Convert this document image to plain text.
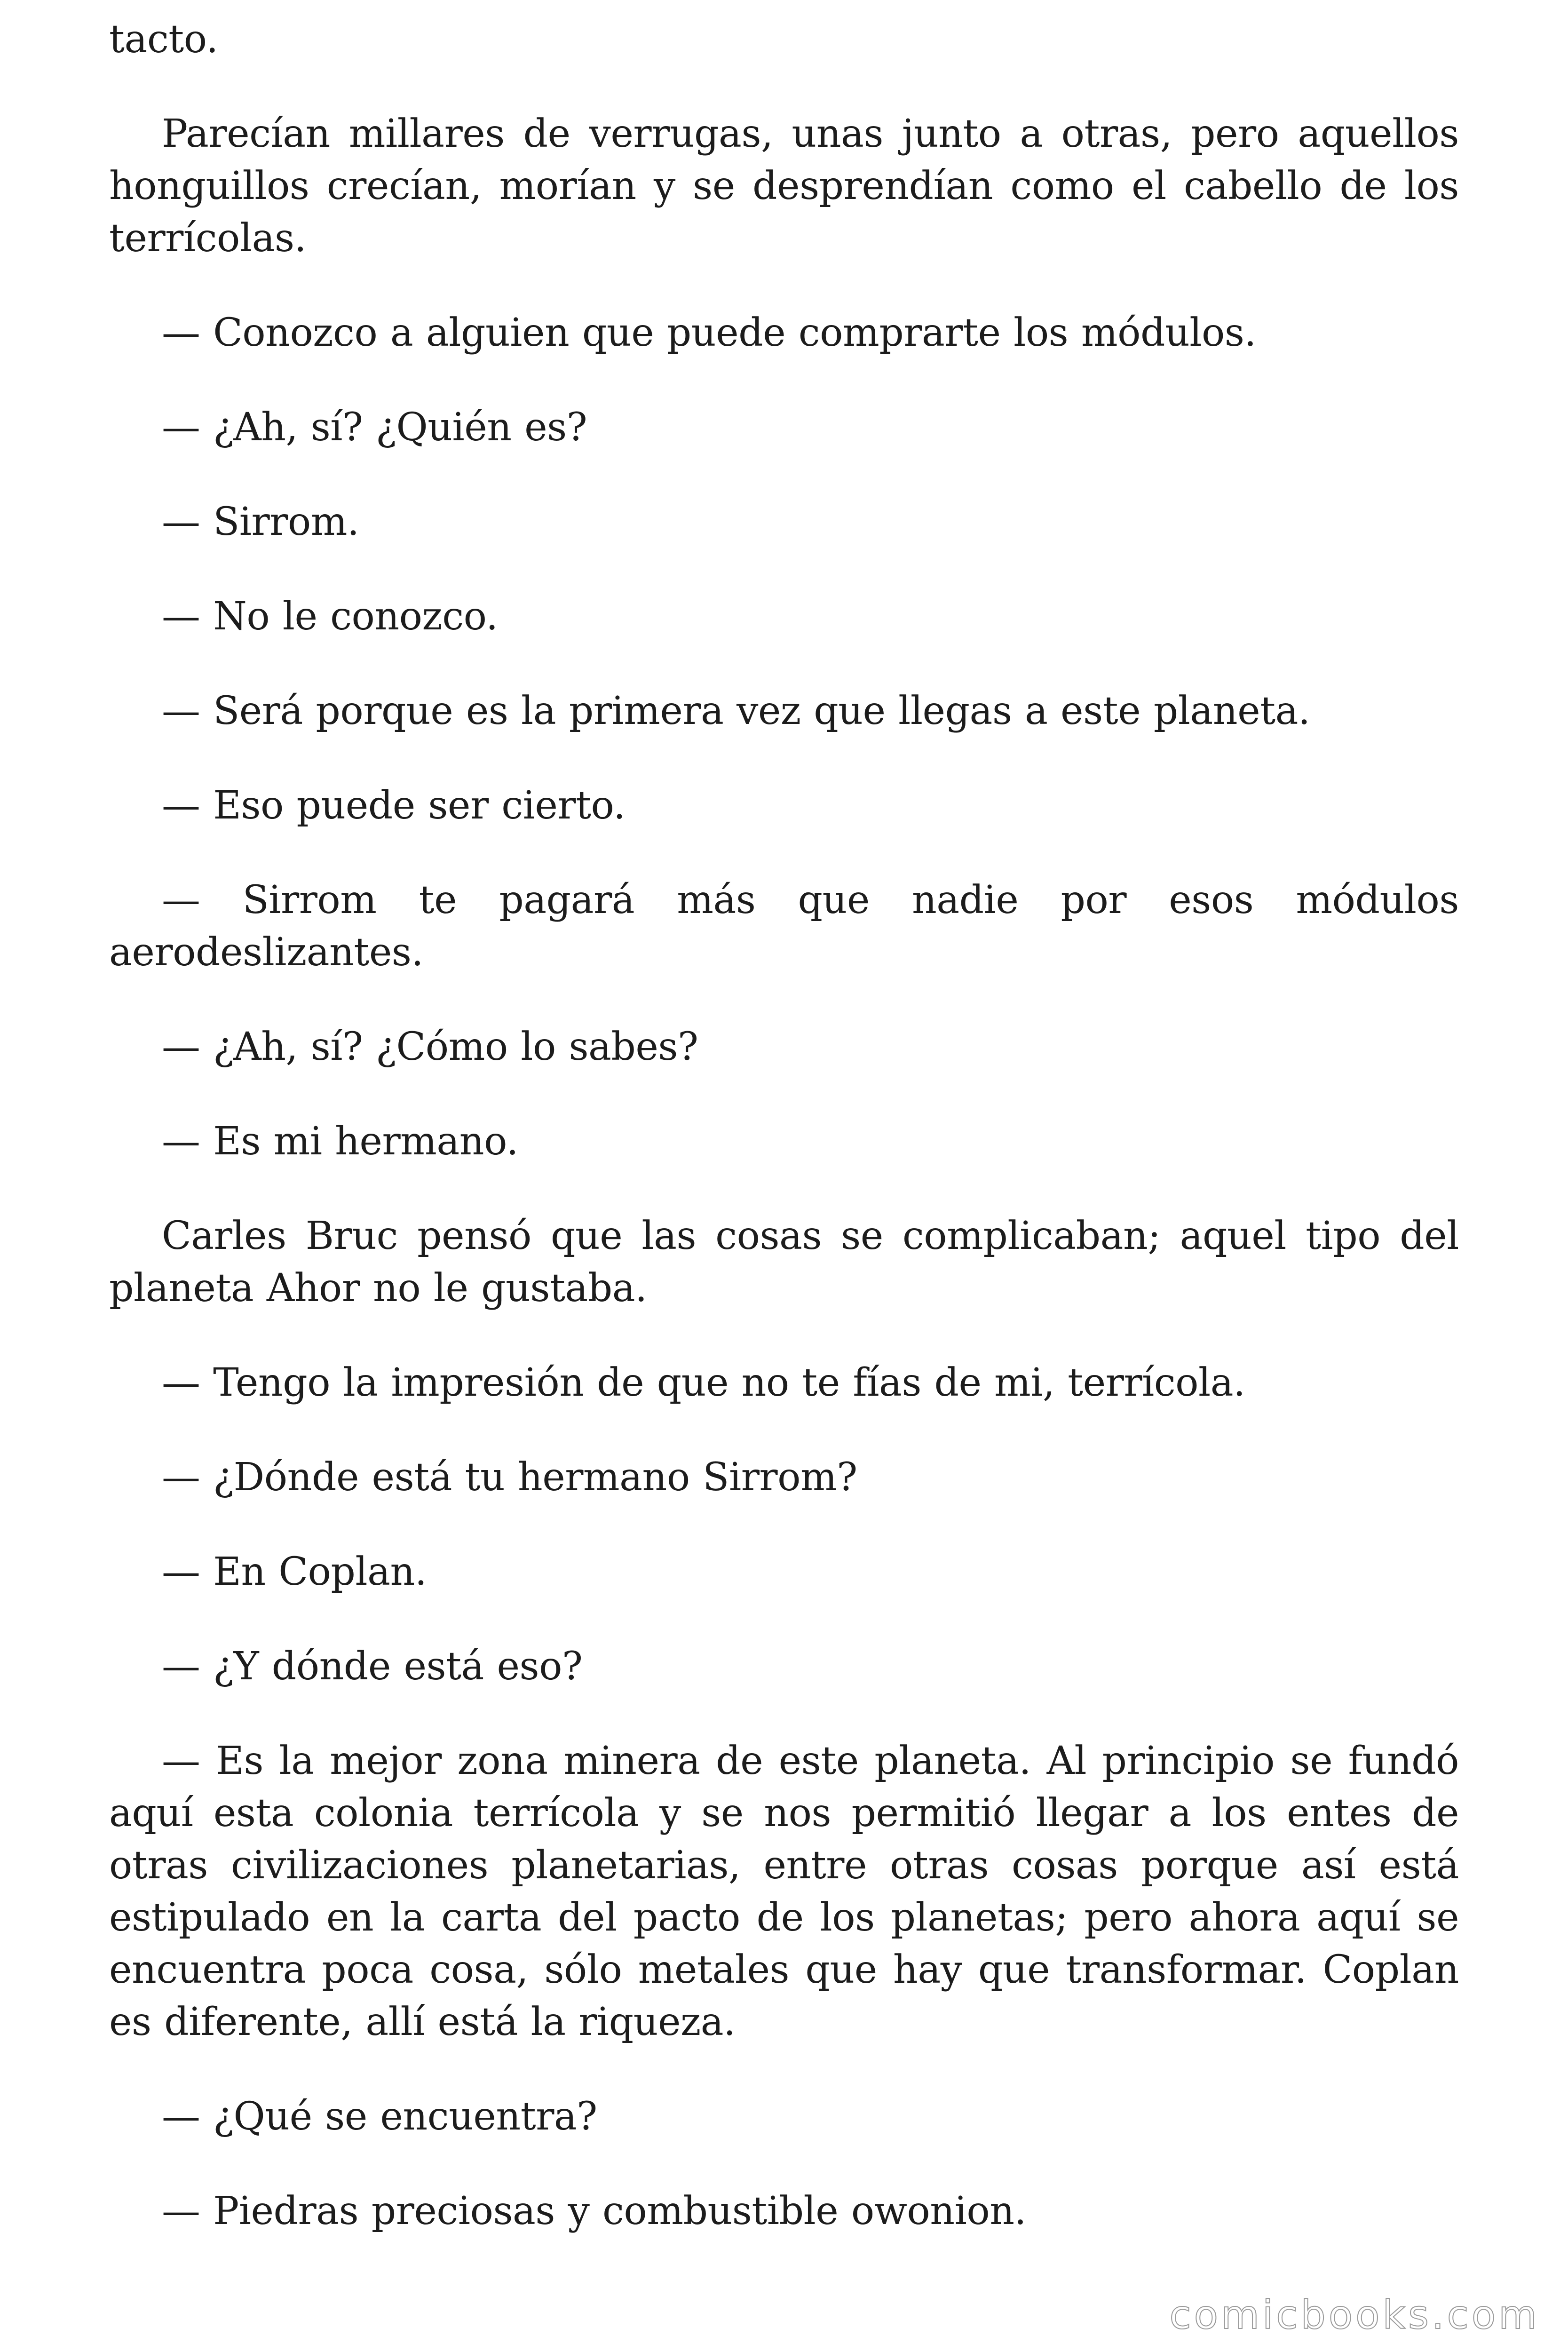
tacto.

Parecían millares de verrugas, unas junto a otras, pero aquellos honguillos crecían, morían y se desprendían como el cabello de los terrícolas.

— Conozco a alguien que puede comprarte los módulos.

— ¿Ah, sí? ¿Quién es?

— Sirrom.

— No le conozco.

— Será porque es la primera vez que llegas a este planeta.

— Eso puede ser cierto.

— Sirrom te pagará más que nadie por esos módulos aerodeslizantes.

— ¿Ah, sí? ¿Cómo lo sabes?

— Es mi hermano.

Carles Bruc pensó que las cosas se complicaban; aquel tipo del planeta Ahor no le gustaba.

— Tengo la impresión de que no te fías de mi, terrícola.

— ¿Dónde está tu hermano Sirrom?

— En Coplan.

— ¿Y dónde está eso?

— Es la mejor zona minera de este planeta. Al principio se fundó aquí esta colonia terrícola y se nos permitió llegar a los entes de otras civilizaciones planetarias, entre otras cosas porque así está estipulado en la carta del pacto de los planetas; pero ahora aquí se encuentra poca cosa, sólo metales que hay que transformar. Coplan es diferente, allí está la riqueza.

— ¿Qué se encuentra?

— Piedras preciosas y combustible owonion.

comicbooks.com
